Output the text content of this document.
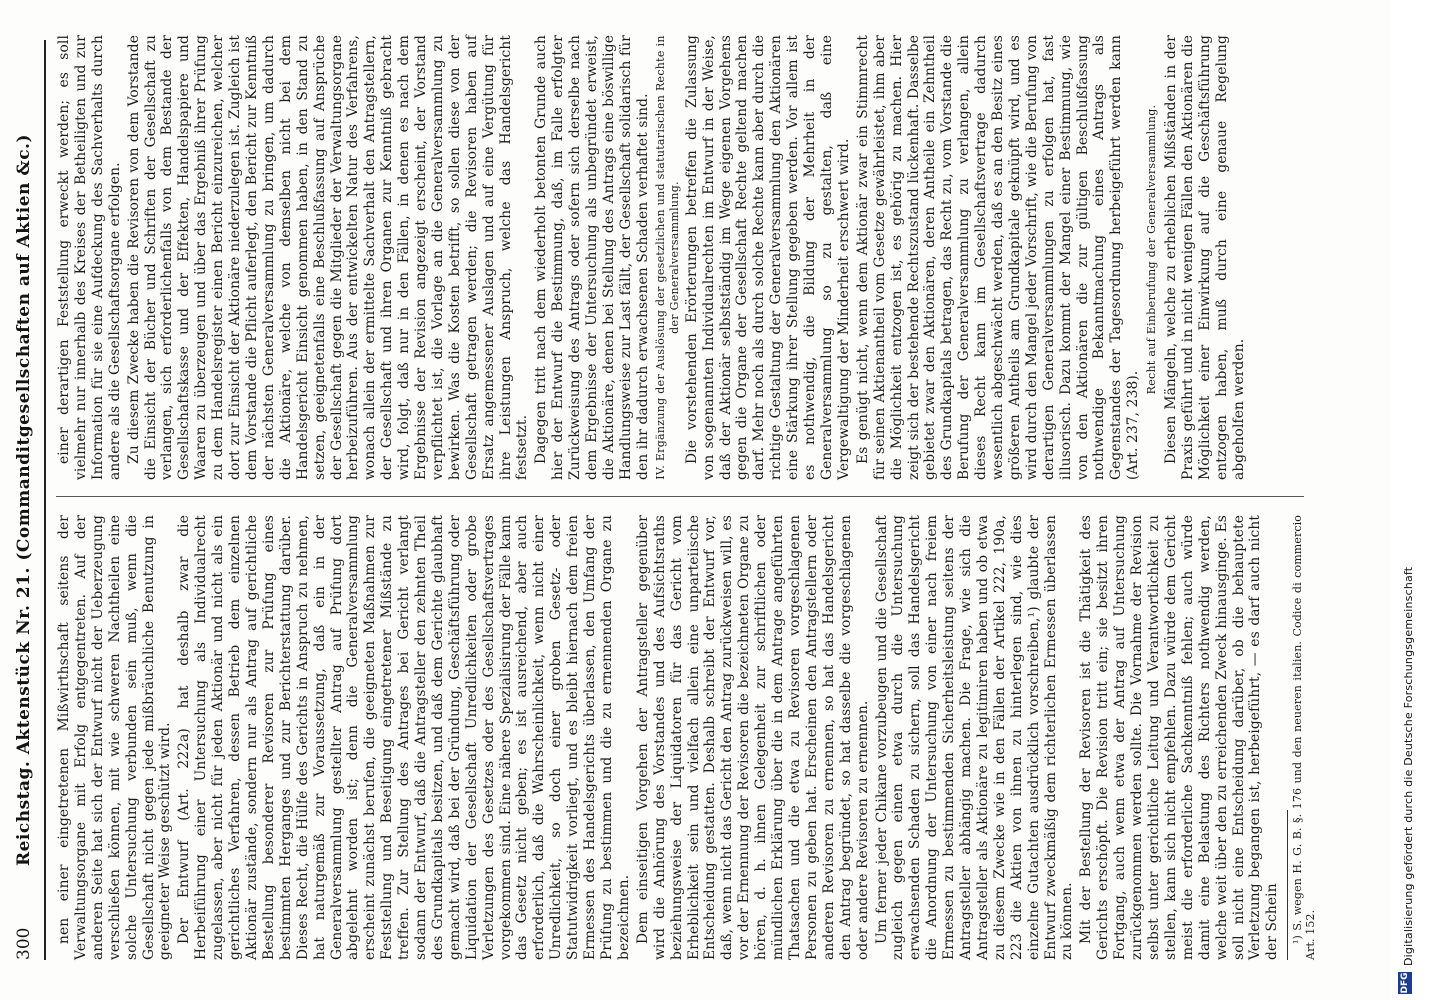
300
Reichstag. Aktenstück Nr. 21. (Commanditgesellschaften auf Aktien &c.) nen einer eingetretenen Mißwirthschaft seitens der Verwaltungsorgane mit Erfolg entgegentreten. Auf der anderen Seite hat sich der Entwurf nicht der Ueberzeugung verschließen können, mit wie schweren Nachtheilen eine solche Untersuchung verbunden sein muß, wenn die Gesellschaft nicht gegen jede mißbräuchliche Benutzung in geeigneter Weise geschützt wird. Der Entwurf (Art. 222a) hat deshalb zwar die Herbeiführung einer Untersuchung als Individualrecht zugelassen, aber nicht für jeden Aktionär und nicht als ein gerichtliches Verfahren, dessen Betrieb dem einzelnen Aktionär zustände, sondern nur als Antrag auf gerichtliche Bestellung besonderer Revisoren zur Prüfung eines bestimmten Herganges und zur Berichterstattung darüber. Dieses Recht, die Hülfe des Gerichts in Anspruch zu nehmen, hat naturgemäß zur Voraussetzung, daß ein in der Generalversammlung gestellter Antrag auf Prüfung dort abgelehnt worden ist; denn die Generalversammlung erscheint zunächst berufen, die geeigneten Maßnahmen zur Feststellung und Beseitigung eingetretener Mißstände zu treffen. Zur Stellung des Antrages bei Gericht verlangt sodann der Entwurf, daß die Antragsteller den zehnten Theil des Grundkapitals besitzen, und daß dem Gerichte glaubhaft gemacht wird, daß bei der Gründung, Geschäftsführung oder Liquidation der Gesellschaft Unredlichkeiten oder grobe Verletzungen des Gesetzes oder des Gesellschaftsvertrages vorgekommen sind. Eine nähere Spezialisirung der Fälle kann das Gesetz nicht geben; es ist ausreichend, aber auch erforderlich, daß die Wahrscheinlichkeit, wenn nicht einer Unredlichkeit, so doch einer groben Gesetz- oder Statutwidrigkeit vorliegt, und es bleibt hiernach dem freien Ermessen des Handelsgerichts überlassen, den Umfang der Prüfung zu bestimmen und die zu ernennenden Organe zu bezeichnen. Dem einseitigen Vorgehen der Antragsteller gegenüber wird die Anhörung des Vorstandes und des Aufsichtsraths beziehungsweise der Liquidatoren für das Gericht vom Erheblichkeit sein und vielfach allein eine unparteiische Entscheidung gestatten. Deshalb schreibt der Entwurf vor, daß, wenn nicht das Gericht den Antrag zurückweisen will, es vor der Ernennung der Revisoren die bezeichneten Organe zu hören, d. h. ihnen Gelegenheit zur schriftlichen oder mündlichen Erklärung über die in dem Antrage angeführten Thatsachen und die etwa zu Revisoren vorgeschlagenen Personen zu geben hat. Erscheinen den Antragstellern oder anderen Revisoren zu ernennen, so hat das Handelsgericht den Antrag begründet, so hat dasselbe die vorgeschlagenen oder andere Revisoren zu ernennen. Um ferner jeder Chikane vorzubeugen und die Gesellschaft zugleich gegen einen etwa durch die Untersuchung erwachsenden Schaden zu sichern, soll das Handelsgericht die Anordnung der Untersuchung von einer nach freiem Ermessen zu bestimmenden Sicherheitsleistung seitens der Antragsteller abhängig machen. Die Frage, wie sich die Antragsteller als Aktionäre zu legitimiren haben und ob etwa zu diesem Zwecke wie in den Fällen der Artikel 222, 190a, 223 die Aktien von ihnen zu hinterlegen sind, wie dies einzelne Gutachten ausdrücklich vorschreiben,¹) glaubte der Entwurf zweckmäßig dem richterlichen Ermessen überlassen zu können. Mit der Bestellung der Revisoren ist die Thätigkeit des Gerichts erschöpft. Die Revision tritt ein; sie besitzt ihren Fortgang, auch wenn etwa der Antrag auf Untersuchung zurückgenommen werden sollte. Die Vornahme der Revision selbst unter gerichtliche Leitung und Verantwortlichkeit zu stellen, kann sich nicht empfehlen. Dazu würde dem Gericht meist die erforderliche Sachkenntniß fehlen; auch würde damit eine Belastung des Richters nothwendig werden, welche weit über den zu erreichenden Zweck hinausginge. Es soll nicht eine Entscheidung darüber, ob die behauptete Verletzung begangen ist, herbeigeführt, — es darf auch nicht der Schein ¹) S. wegen H. G. B. §. 176 und den neueren italien. Codice di commercio Art. 152.

einer derartigen Feststellung erweckt werden; es soll vielmehr nur innerhalb des Kreises der Betheiligten und zur Information für sie eine Aufdeckung des Sachverhalts durch andere als die Gesellschaftsorgane erfolgen. Zu diesem Zwecke haben die Revisoren von dem Vorstande die Einsicht der Bücher und Schriften der Gesellschaft zu verlangen, sich erforderlichenfalls von dem Bestande der Gesellschaftskasse und der Effekten, Handelspapiere und Waaren zu überzeugen und über das Ergebniß ihrer Prüfung zu dem Handelsregister einen Bericht einzureichen, welcher dort zur Einsicht der Aktionäre niederzulegen ist. Zugleich ist dem Vorstande die Pflicht auferlegt, den Bericht zur Kenntniß der nächsten Generalversammlung zu bringen, um dadurch die Aktionäre, welche von demselben nicht bei dem Handelsgericht Einsicht genommen haben, in den Stand zu setzen, geeignetenfalls eine Beschlußfassung auf Ansprüche der Gesellschaft gegen die Mitglieder der Verwaltungsorgane herbeizuführen. Aus der entwickelten Natur des Verfahrens, wonach allein der ermittelte Sachverhalt den Antragstellern, der Gesellschaft und ihren Organen zur Kenntniß gebracht wird, folgt, daß nur in den Fällen, in denen es nach dem Ergebnisse der Revision angezeigt erscheint, der Vorstand verpflichtet ist, die Vorlage an die Generalversammlung zu bewirken. Was die Kosten betrifft, so sollen diese von der Gesellschaft getragen werden; die Revisoren haben auf Ersatz angemessener Auslagen und auf eine Vergütung für ihre Leistungen Anspruch, welche das Handelsgericht festsetzt. Dagegen tritt nach dem wiederholt betonten Grunde auch hier der Entwurf die Bestimmung, daß, im Falle erfolgter Zurückweisung des Antrags oder sofern sich derselbe nach dem Ergebnisse der Untersuchung als unbegründet erweist, die Aktionäre, denen bei Stellung des Antrags eine böswillige Handlungsweise zur Last fällt, der Gesellschaft solidarisch für den ihr dadurch erwachsenen Schaden verhaftet sind. IV. Ergänzung der Auslösung der gesetzlichen und statutarischen Rechte in der Generalversammlung. Die vorstehenden Erörterungen betreffen die Zulassung von sogenannten Individualrechten im Entwurf in der Weise, daß der Aktionär selbstständig im Wege eigenen Vorgehens gegen die Organe der Gesellschaft Rechte geltend machen darf. Mehr noch als durch solche Rechte kann aber durch die richtige Gestaltung der Generalversammlung den Aktionären eine Stärkung ihrer Stellung gegeben werden. Vor allem ist es nothwendig, die Bildung der Mehrheit in der Generalversammlung so zu gestalten, daß eine Vergewaltigung der Minderheit erschwert wird. Es genügt nicht, wenn dem Aktionär zwar ein Stimmrecht für seinen Aktienantheil vom Gesetze gewährleistet, ihm aber die Möglichkeit entzogen ist, es gehörig zu machen. Hier zeigt sich der bestehende Rechtszustand lückenhaft. Dasselbe gebietet zwar den Aktionären, deren Antheile ein Zehntheil des Grundkapitals betragen, das Recht zu, vom Vorstande die Berufung der Generalversammlung zu verlangen, allein dieses Recht kann im Gesellschaftsvertrage dadurch wesentlich abgeschwächt werden, daß es an den Besitz eines größeren Antheils am Grundkapitale geknüpft wird, und es wird durch den Mangel jeder Vorschrift, wie die Berufung von derartigen Generalversammlungen zu erfolgen hat, fast illusorisch. Dazu kommt der Mangel einer Bestimmung, wie von den Aktionären die zur gültigen Beschlußfassung nothwendige Bekanntmachung eines Antrags als Gegenstandes der Tagesordnung herbeigeführt werden kann (Art. 237, 238).

Recht auf Einberufung der Generalversammlung. Diesen Mängeln, welche zu erheblichen Mißständen in der Praxis geführt und in nicht wenigen Fällen den Aktionären die Möglichkeit einer Einwirkung auf die Geschäftsführung entzogen haben, muß durch eine genaue Regelung abgeholfen werden.

DFG
Digitalisierung gefördert durch die Deutsche Forschungsgemeinschaft
